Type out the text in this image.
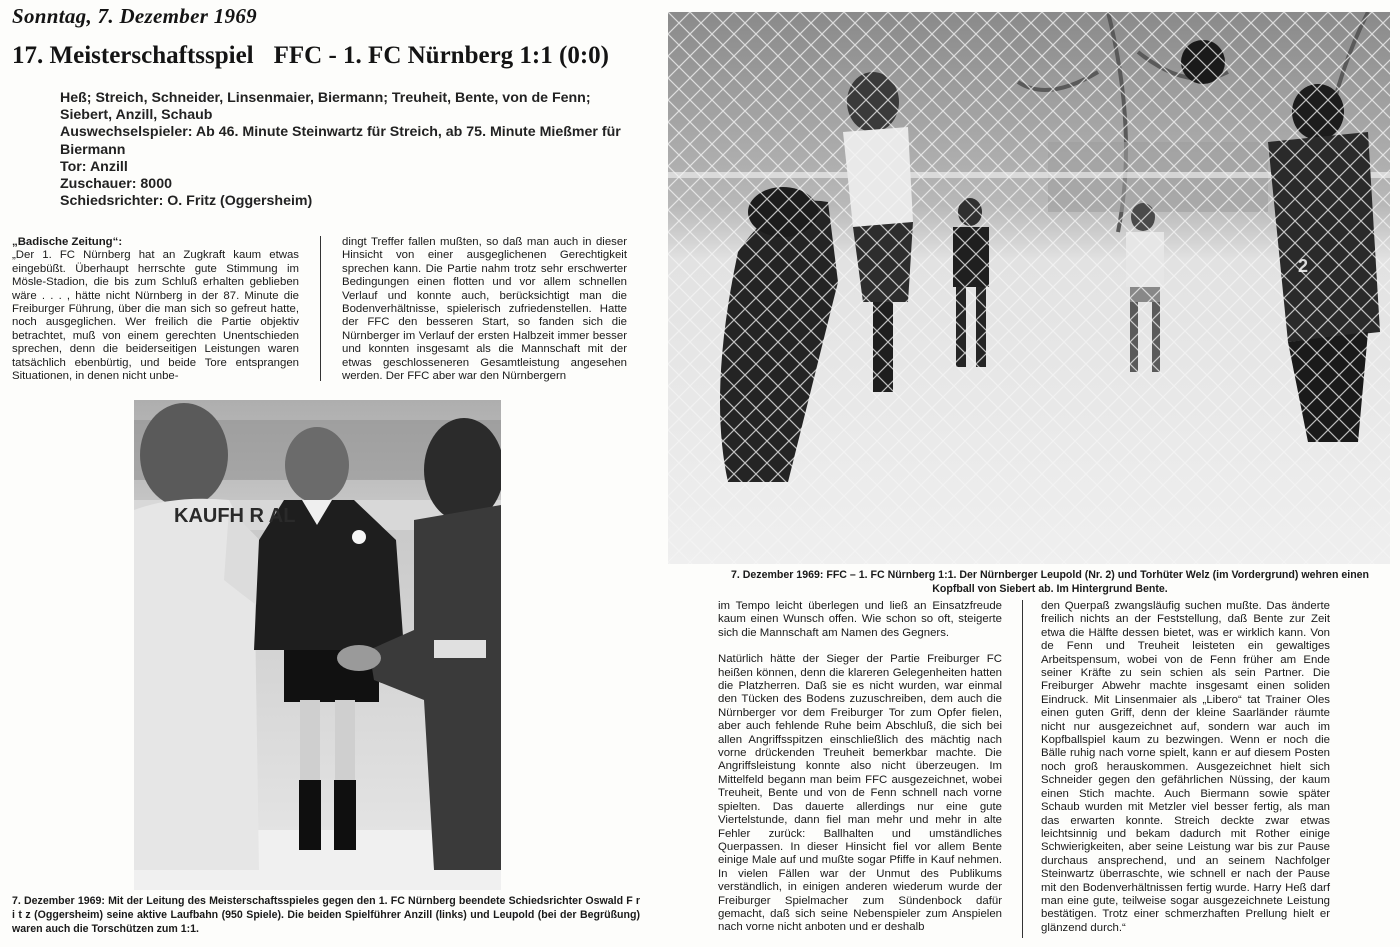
Sonntag, 7. Dezember 1969
17. Meisterschaftsspiel FFC - 1. FC Nürnberg 1:1 (0:0)

Heß; Streich, Schneider, Linsenmaier, Biermann; Treuheit, Bente, von de Fenn; Siebert, Anzill, Schaub

Auswechselspieler: Ab 46. Minute Steinwartz für Streich, ab 75. Minute Mießmer für Biermann

Tor: Anzill

Zuschauer: 8000

Schiedsrichter: O. Fritz (Oggersheim)

„Badische Zeitung“:

„Der 1. FC Nürnberg hat an Zugkraft kaum etwas eingebüßt. Überhaupt herrschte gute Stimmung im Mösle-Stadion, die bis zum Schluß erhalten geblieben wäre . . . , hätte nicht Nürnberg in der 87. Minute die Freiburger Führung, über die man sich so gefreut hatte, noch ausgeglichen. Wer freilich die Partie objektiv betrachtet, muß von einem gerechten Unentschieden sprechen, denn die beiderseitigen Leistungen waren tatsächlich ebenbürtig, und beide Tore entsprangen Situationen, in denen nicht unbe-

dingt Treffer fallen mußten, so daß man auch in dieser Hinsicht von einer ausgeglichenen Gerechtigkeit sprechen kann. Die Partie nahm trotz sehr erschwerter Bedingungen einen flotten und vor allem schnellen Verlauf und konnte auch, berücksichtigt man die Bodenverhältnisse, spielerisch zufriedenstellen. Hatte der FFC den besseren Start, so fanden sich die Nürnberger im Verlauf der ersten Halbzeit immer besser und konnten insgesamt als die Mannschaft mit der etwas geschlosseneren Gesamtleistung angesehen werden. Der FFC aber war den Nürnbergern

KAUFH R AL
7. Dezember 1969: Mit der Leitung des Meisterschaftsspieles gegen den 1. FC Nürnberg beendete Schiedsrichter Oswald F r i t z (Oggersheim) seine aktive Laufbahn (950 Spiele). Die beiden Spielführer Anzill (links) und Leupold (bei der Begrüßung) waren auch die Torschützen zum 1:1.
7. Dezember 1969: FFC – 1. FC Nürnberg 1:1. Der Nürnberger Leupold (Nr. 2) und Torhüter Welz (im Vordergrund) wehren einen Kopfball von Siebert ab. Im Hintergrund Bente.

im Tempo leicht überlegen und ließ an Einsatzfreude kaum einen Wunsch offen. Wie schon so oft, steigerte sich die Mannschaft am Namen des Gegners.

Natürlich hätte der Sieger der Partie Freiburger FC heißen können, denn die klareren Gelegenheiten hatten die Platzherren. Daß sie es nicht wurden, war einmal den Tücken des Bodens zuzuschreiben, dem auch die Nürnberger vor dem Freiburger Tor zum Opfer fielen, aber auch fehlende Ruhe beim Abschluß, die sich bei allen Angriffsspitzen einschließlich des mächtig nach vorne drückenden Treuheit bemerkbar machte. Die Angriffsleistung konnte also nicht überzeugen. Im Mittelfeld begann man beim FFC ausgezeichnet, wobei Treuheit, Bente und von de Fenn schnell nach vorne spielten. Das dauerte allerdings nur eine gute Viertelstunde, dann fiel man mehr und mehr in alte Fehler zurück: Ballhalten und umständliches Querpassen. In dieser Hinsicht fiel vor allem Bente einige Male auf und mußte sogar Pfiffe in Kauf nehmen. In vielen Fällen war der Unmut des Publikums verständlich, in einigen anderen wiederum wurde der Freiburger Spielmacher zum Sündenbock dafür gemacht, daß sich seine Nebenspieler zum Anspielen nach vorne nicht anboten und er deshalb

den Querpaß zwangsläufig suchen mußte. Das änderte freilich nichts an der Feststellung, daß Bente zur Zeit etwa die Hälfte dessen bietet, was er wirklich kann. Von de Fenn und Treuheit leisteten ein gewaltiges Arbeitspensum, wobei von de Fenn früher am Ende seiner Kräfte zu sein schien als sein Partner. Die Freiburger Abwehr machte insgesamt einen soliden Eindruck. Mit Linsenmaier als „Libero“ tat Trainer Oles einen guten Griff, denn der kleine Saarländer räumte nicht nur ausgezeichnet auf, sondern war auch im Kopfballspiel kaum zu bezwingen. Wenn er noch die Bälle ruhig nach vorne spielt, kann er auf diesem Posten noch groß herauskommen. Ausgezeichnet hielt sich Schneider gegen den gefährlichen Nüssing, der kaum einen Stich machte. Auch Biermann sowie später Schaub wurden mit Metzler viel besser fertig, als man das erwarten konnte. Streich deckte zwar etwas leichtsinnig und bekam dadurch mit Rother einige Schwierigkeiten, aber seine Leistung war bis zur Pause durchaus ansprechend, und an seinem Nachfolger Steinwartz überraschte, wie schnell er nach der Pause mit den Bodenverhältnissen fertig wurde. Harry Heß darf man eine gute, teilweise sogar ausgezeichnete Leistung bestätigen. Trotz einer schmerzhaften Prellung hielt er glänzend durch.“
